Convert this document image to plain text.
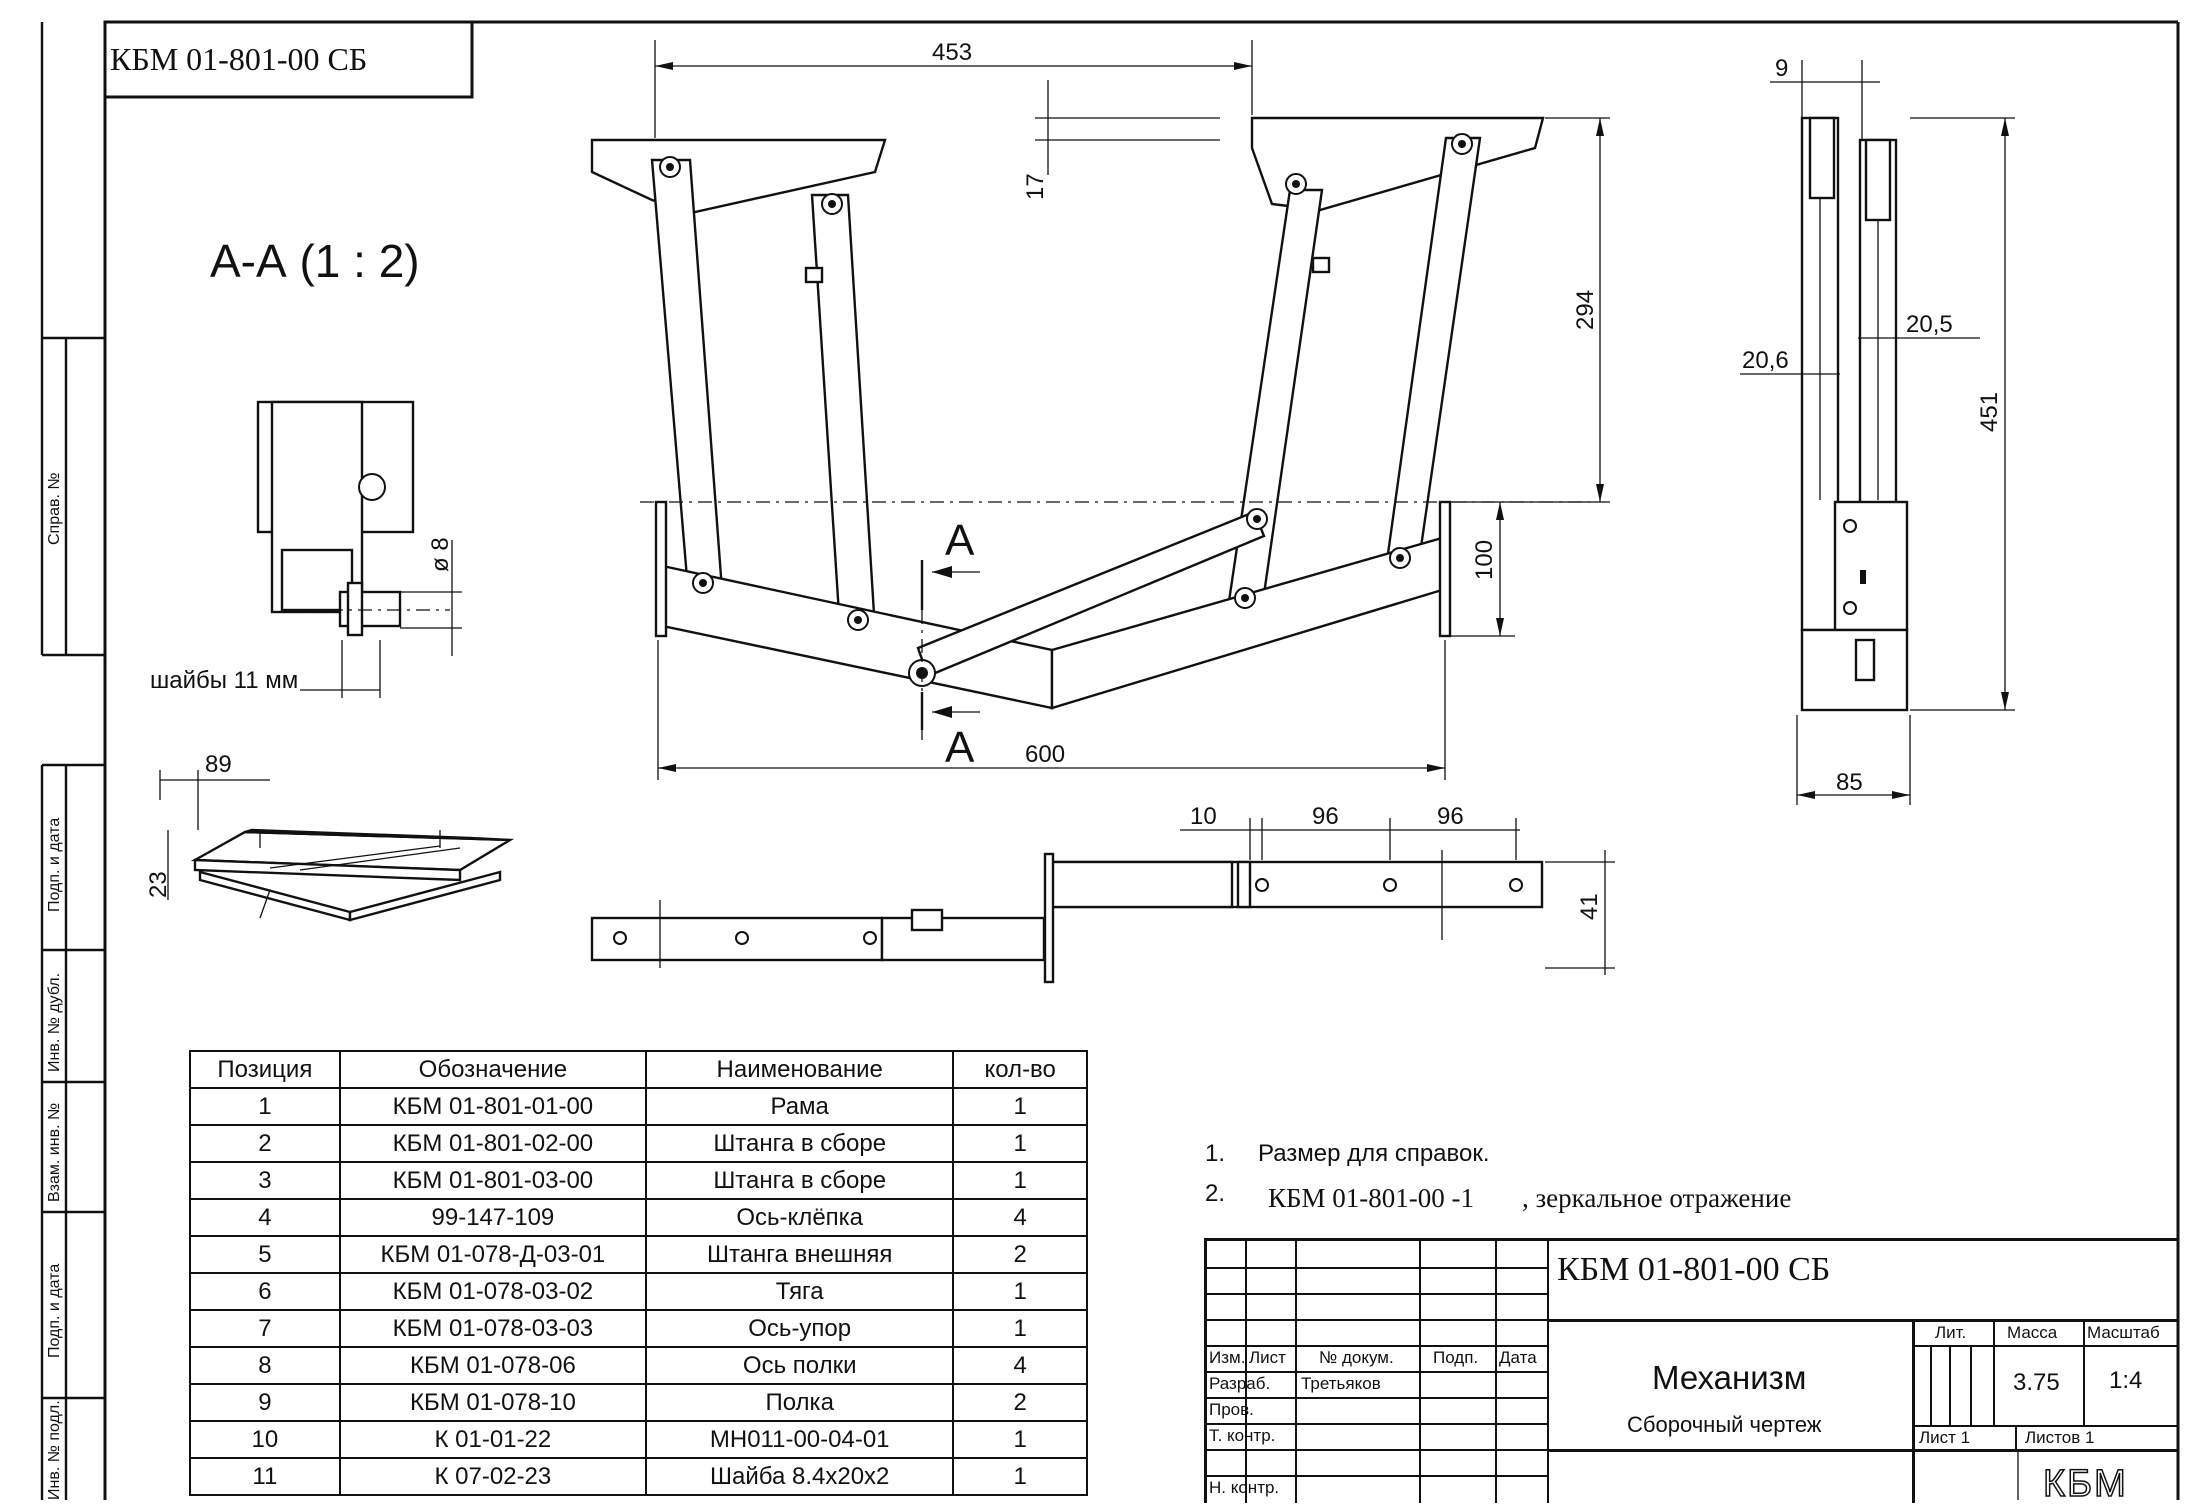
КБМ 01-801-00 СБ
А-А (1 : 2)
453
17
294
100
600
А
А
9
20,6
20,5
451
85
ø 8
шайбы 11 мм
89
23
10	96	96
41
Справ. №
Подп. и дата
Инв. № дубл.
Взам. инв. №
Подп. и дата
Инв. № подл.
Позиция	Обозначение	Наименование	кол-во
1	КБМ 01-801-01-00	Рама	1
2	КБМ 01-801-02-00	Штанга в сборе	1
3	КБМ 01-801-03-00	Штанга в сборе	1
4	99-147-109	Ось-клёпка	4
5	КБМ 01-078-Д-03-01	Штанга внешняя	2
6	КБМ 01-078-03-02	Тяга	1
7	КБМ 01-078-03-03	Ось-упор	1
8	КБМ 01-078-06	Ось полки	4
9	КБМ 01-078-10	Полка	2
10	К 01-01-22	МН011-00-04-01	1
11	К 07-02-23	Шайба 8.4х20х2	1
1. Размер для справок.
2. КБМ 01-801-00 -1 , зеркальное отражение
КБМ 01-801-00 СБ
Механизм
Сборочный чертеж
Изм. Лист № докум. Подп. Дата
Разраб. Третьяков
Пров.
Т. контр.
Н. контр.
Лит. Масса Масштаб
3.75 1:4
Лист 1	Листов 1
КБМ
